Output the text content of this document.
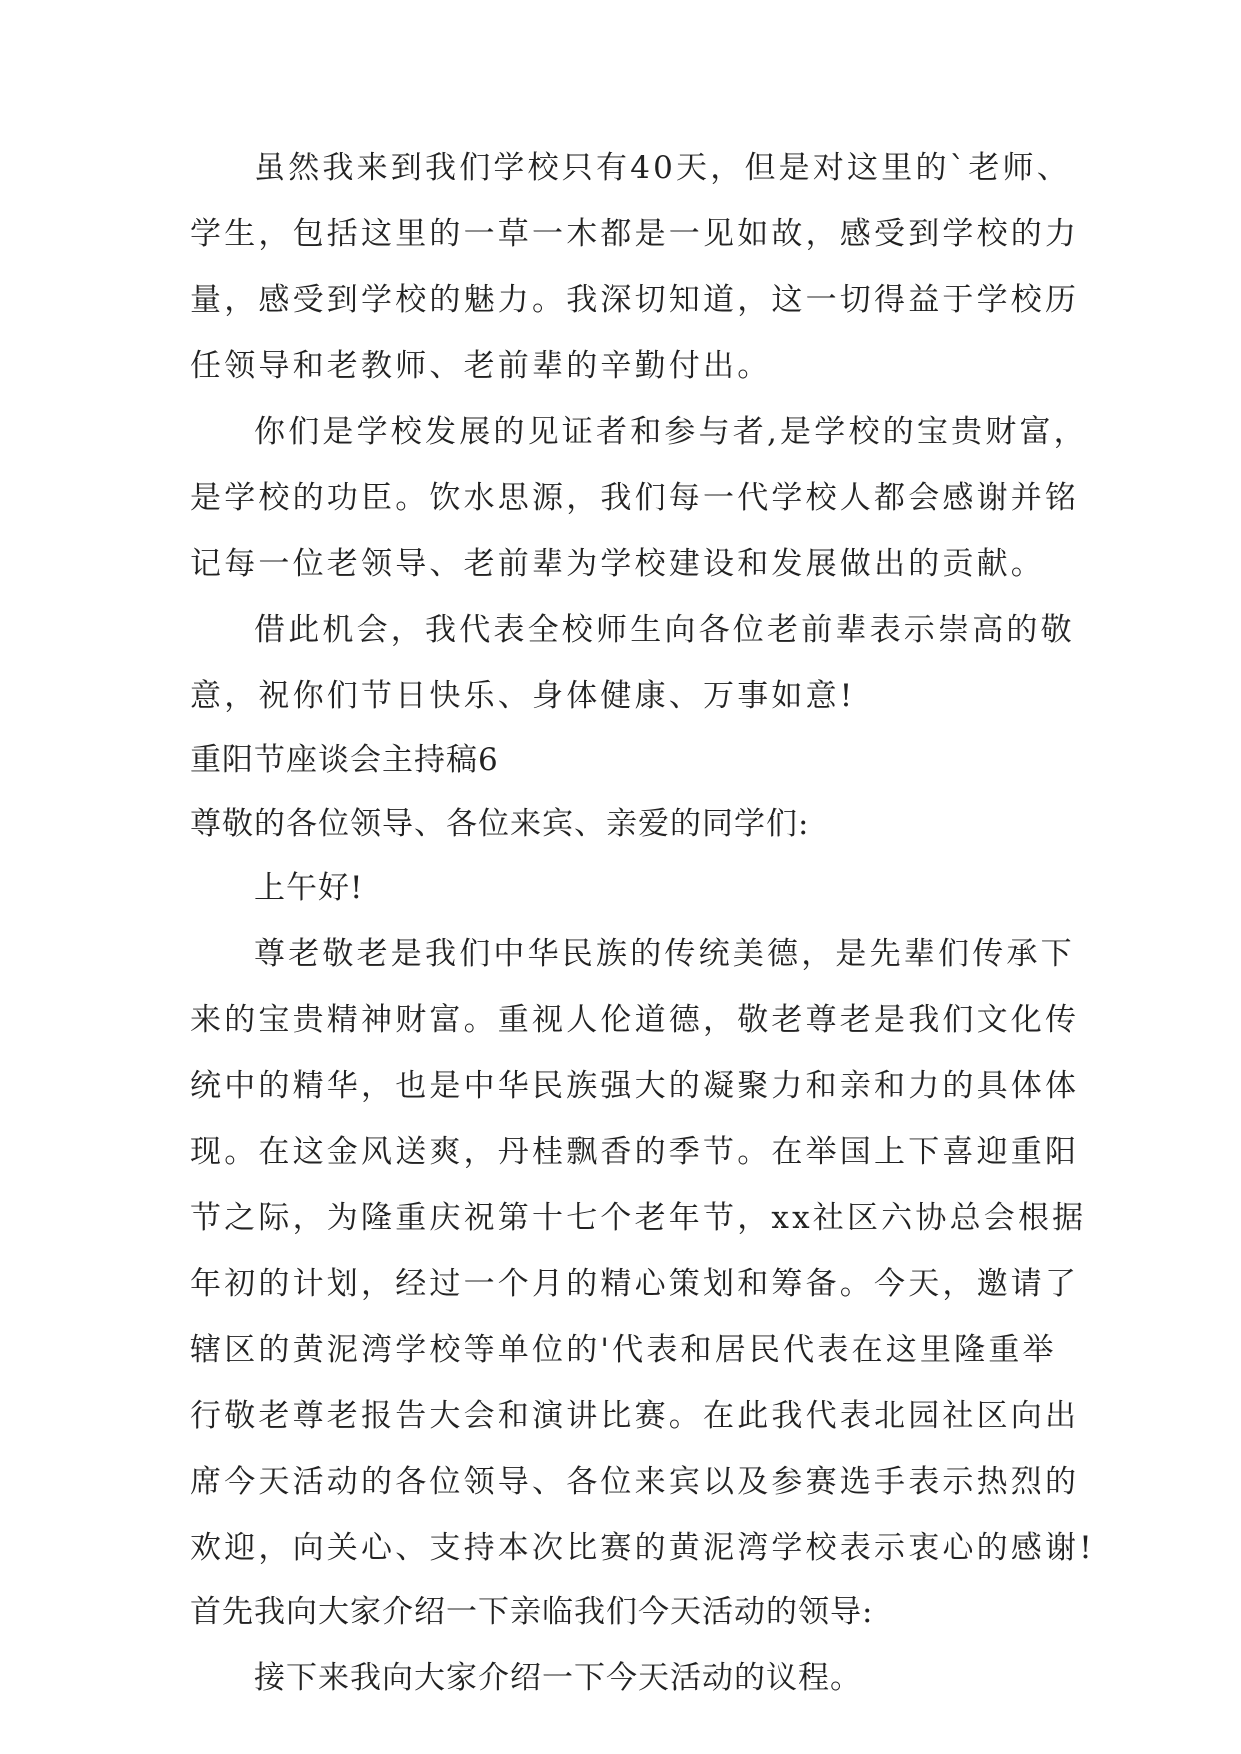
虽然我来到我们学校只有40天，但是对这里的`老师、
学生，包括这里的一草一木都是一见如故，感受到学校的力
量，感受到学校的魅力。我深切知道，这一切得益于学校历
任领导和老教师、老前辈的辛勤付出。
你们是学校发展的见证者和参与者,是学校的宝贵财富，
是学校的功臣。饮水思源，我们每一代学校人都会感谢并铭
记每一位老领导、老前辈为学校建设和发展做出的贡献。
借此机会，我代表全校师生向各位老前辈表示崇高的敬
意，祝你们节日快乐、身体健康、万事如意!
重阳节座谈会主持稿6
尊敬的各位领导、各位来宾、亲爱的同学们:
上午好!
尊老敬老是我们中华民族的传统美德，是先辈们传承下
来的宝贵精神财富。重视人伦道德，敬老尊老是我们文化传
统中的精华，也是中华民族强大的凝聚力和亲和力的具体体
现。在这金风送爽，丹桂飘香的季节。在举国上下喜迎重阳
节之际，为隆重庆祝第十七个老年节，xx社区六协总会根据
年初的计划，经过一个月的精心策划和筹备。今天，邀请了
辖区的黄泥湾学校等单位的'代表和居民代表在这里隆重举
行敬老尊老报告大会和演讲比赛。在此我代表北园社区向出
席今天活动的各位领导、各位来宾以及参赛选手表示热烈的
欢迎，向关心、支持本次比赛的黄泥湾学校表示衷心的感谢!
首先我向大家介绍一下亲临我们今天活动的领导:
接下来我向大家介绍一下今天活动的议程。
